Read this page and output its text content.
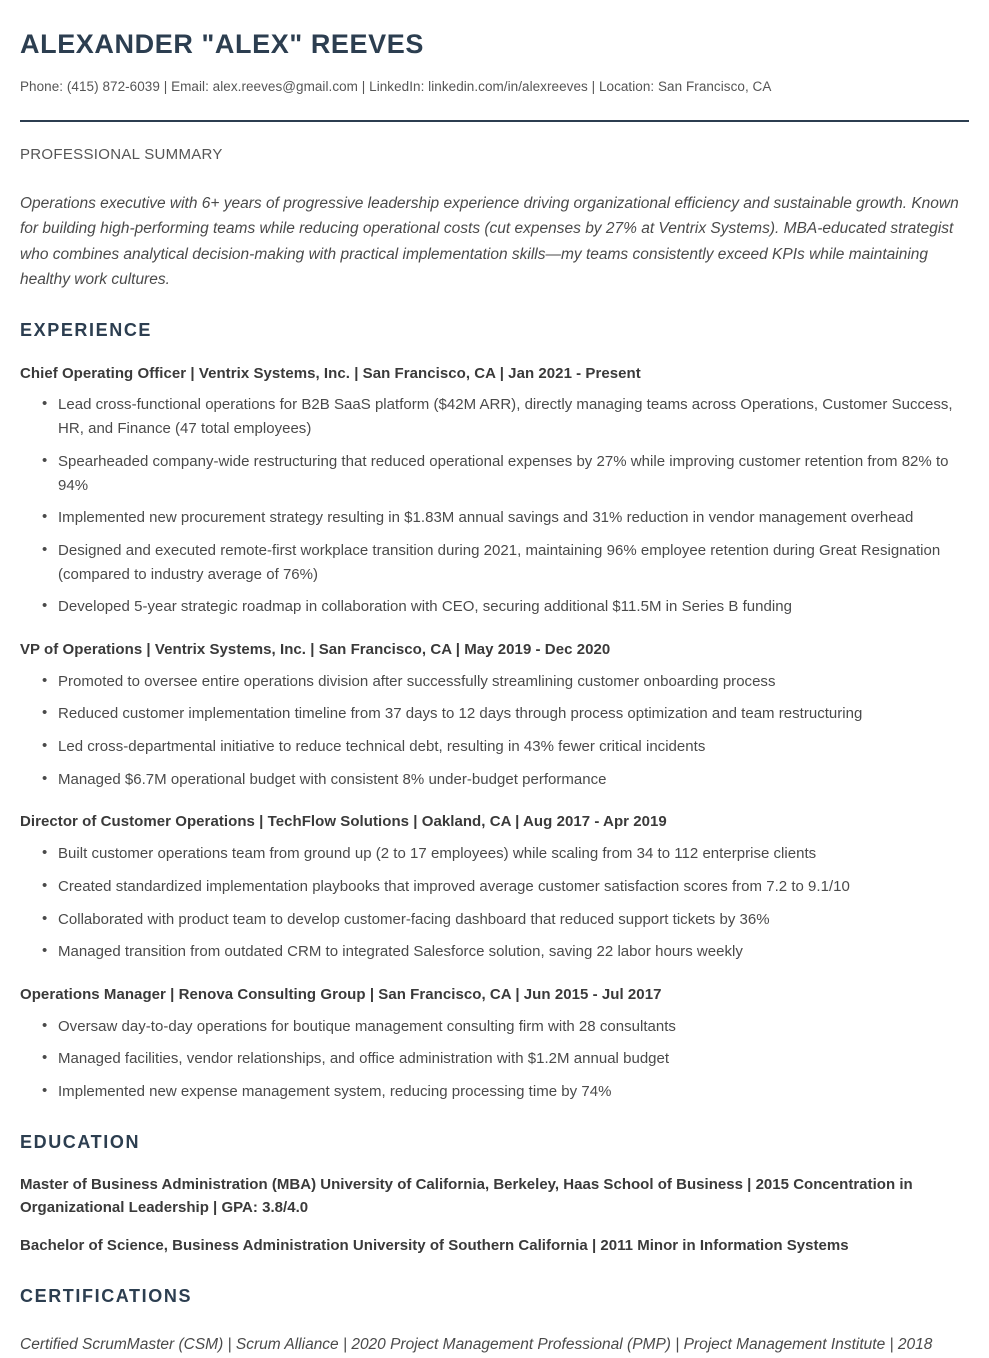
ALEXANDER "ALEX" REEVES
Phone: (415) 872-6039 | Email: alex.reeves@gmail.com | LinkedIn: linkedin.com/in/alexreeves | Location: San Francisco, CA
PROFESSIONAL SUMMARY

Operations executive with 6+ years of progressive leadership experience driving organizational efficiency and sustainable growth. Known for building high-performing teams while reducing operational costs (cut expenses by 27% at Ventrix Systems). MBA-educated strategist who combines analytical decision-making with practical implementation skills—my teams consistently exceed KPIs while maintaining healthy work cultures.

EXPERIENCE
Chief Operating Officer | Ventrix Systems, Inc. | San Francisco, CA | Jan 2021 - Present
• Lead cross-functional operations for B2B SaaS platform ($42M ARR), directly managing teams across Operations, Customer Success, HR, and Finance (47 total employees)
• Spearheaded company-wide restructuring that reduced operational expenses by 27% while improving customer retention from 82% to 94%
• Implemented new procurement strategy resulting in $1.83M annual savings and 31% reduction in vendor management overhead
• Designed and executed remote-first workplace transition during 2021, maintaining 96% employee retention during Great Resignation (compared to industry average of 76%)
• Developed 5-year strategic roadmap in collaboration with CEO, securing additional $11.5M in Series B funding
VP of Operations | Ventrix Systems, Inc. | San Francisco, CA | May 2019 - Dec 2020
• Promoted to oversee entire operations division after successfully streamlining customer onboarding process
• Reduced customer implementation timeline from 37 days to 12 days through process optimization and team restructuring
• Led cross-departmental initiative to reduce technical debt, resulting in 43% fewer critical incidents
• Managed $6.7M operational budget with consistent 8% under-budget performance
Director of Customer Operations | TechFlow Solutions | Oakland, CA | Aug 2017 - Apr 2019
• Built customer operations team from ground up (2 to 17 employees) while scaling from 34 to 112 enterprise clients
• Created standardized implementation playbooks that improved average customer satisfaction scores from 7.2 to 9.1/10
• Collaborated with product team to develop customer-facing dashboard that reduced support tickets by 36%
• Managed transition from outdated CRM to integrated Salesforce solution, saving 22 labor hours weekly
Operations Manager | Renova Consulting Group | San Francisco, CA | Jun 2015 - Jul 2017
• Oversaw day-to-day operations for boutique management consulting firm with 28 consultants
• Managed facilities, vendor relationships, and office administration with $1.2M annual budget
• Implemented new expense management system, reducing processing time by 74%
EDUCATION
Master of Business Administration (MBA) University of California, Berkeley, Haas School of Business | 2015 Concentration in Organizational Leadership | GPA: 3.8/4.0
Bachelor of Science, Business Administration University of Southern California | 2011 Minor in Information Systems
CERTIFICATIONS
Certified ScrumMaster (CSM) | Scrum Alliance | 2020 Project Management Professional (PMP) | Project Management Institute | 2018
